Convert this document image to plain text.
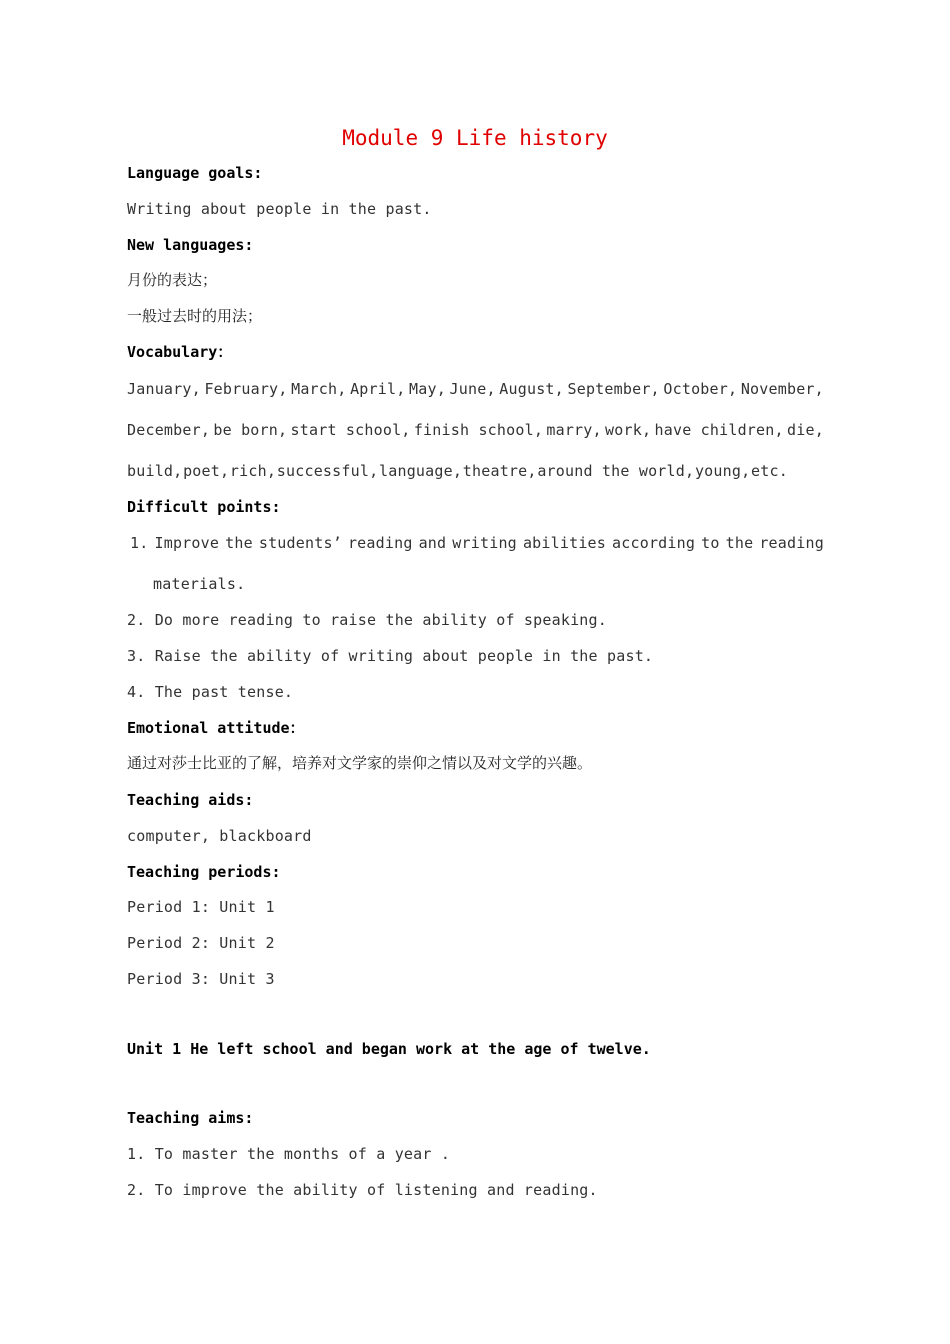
Module 9 Life history
Language goals:
Writing about people in the past.
New languages:
月份的表达；
一般过去时的用法；
Vocabulary：
January, February, March, April, May, June, August, September, October, November,
December, be born, start school, finish school, marry, work, have children, die,
build, poet, rich, successful, language, theatre, around the world, young, etc.
Difficult points:
1. Improve the students’ reading and writing abilities according to the reading
materials.
2. Do more reading to raise the ability of speaking.
3. Raise the ability of writing about people in the past.
4. The past tense.
Emotional attitude：
通过对莎士比亚的了解，培养对文学家的崇仰之情以及对文学的兴趣。
Teaching aids:
computer, blackboard
Teaching periods:
Period 1: Unit 1
Period 2: Unit 2
Period 3: Unit 3
Unit 1 He left school and began work at the age of twelve.
Teaching aims:
1. To master the months of a year .
2. To improve the ability of listening and reading.
